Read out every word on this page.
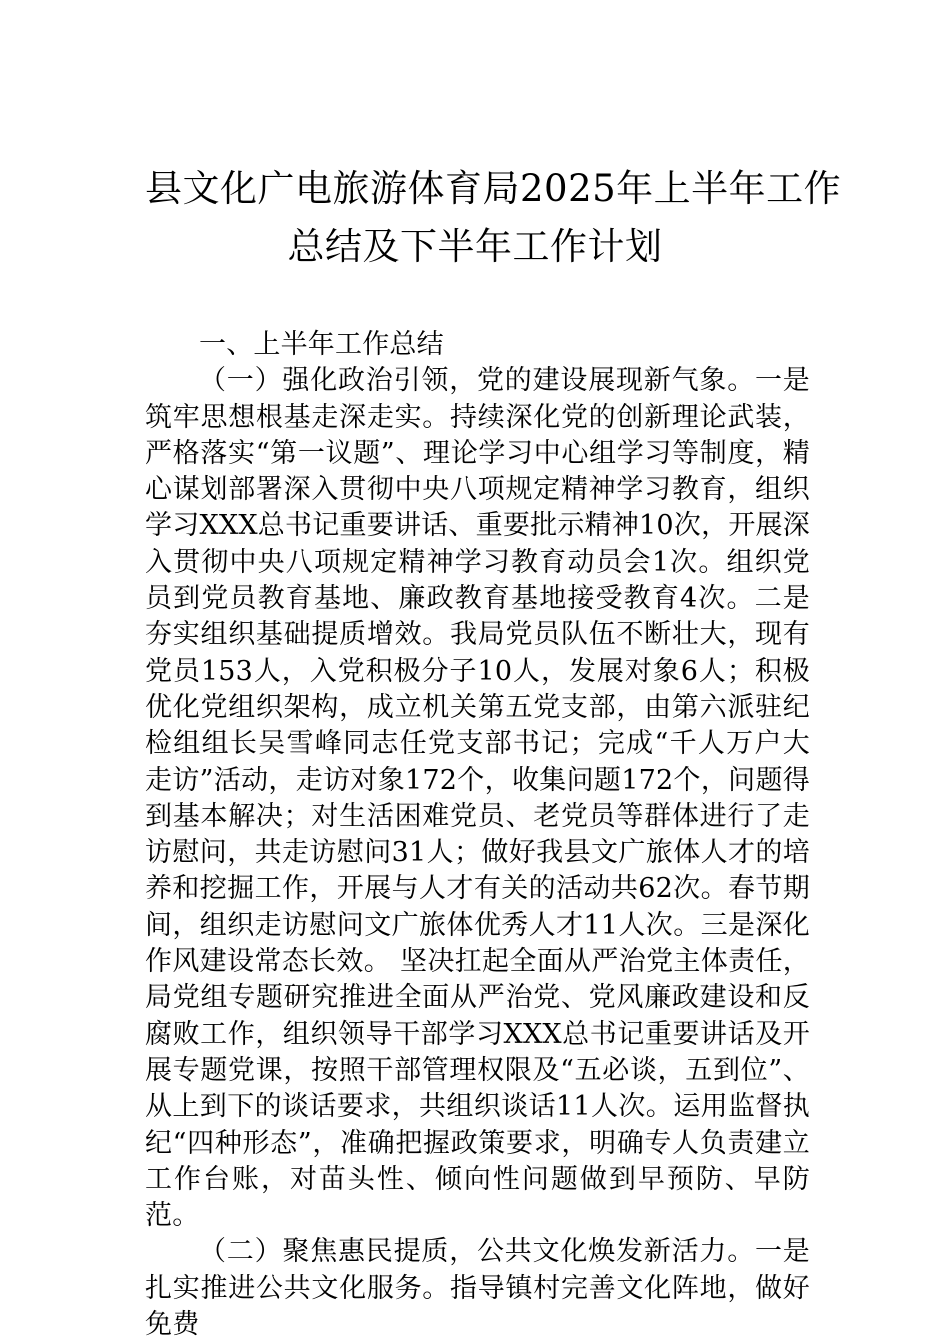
县文化广电旅游体育局2025年上半年工作
总结及下半年工作计划

一、上半年工作总结

（一）强化政治引领，党的建设展现新气象。一是筑牢思想根基走深走实。持续深化党的创新理论武装，严格落实“第一议题”、理论学习中心组学习等制度，精心谋划部署深入贯彻中央八项规定精神学习教育，组织学习XXX总书记重要讲话、重要批示精神10次，开展深入贯彻中央八项规定精神学习教育动员会1次。组织党员到党员教育基地、廉政教育基地接受教育4次。二是夯实组织基础提质增效。我局党员队伍不断壮大，现有党员153人，入党积极分子10人，发展对象6人；积极优化党组织架构，成立机关第五党支部，由第六派驻纪检组组长吴雪峰同志任党支部书记；完成“千人万户大走访”活动，走访对象172个，收集问题172个，问题得到基本解决；对生活困难党员、老党员等群体进行了走访慰问，共走访慰问31人；做好我县文广旅体人才的培养和挖掘工作，开展与人才有关的活动共62次。春节期间，组织走访慰问文广旅体优秀人才11人次。三是深化作风建设常态长效。 坚决扛起全面从严治党主体责任，局党组专题研究推进全面从严治党、党风廉政建设和反腐败工作，组织领导干部学习XXX总书记重要讲话及开展专题党课，按照干部管理权限及“五必谈，五到位”、从上到下的谈话要求，共组织谈话11人次。运用监督执纪“四种形态”，准确把握政策要求，明确专人负责建立工作台账，对苗头性、倾向性问题做到早预防、早防范。

（二）聚焦惠民提质，公共文化焕发新活力。一是扎实推进公共文化服务。指导镇村完善文化阵地，做好免费
